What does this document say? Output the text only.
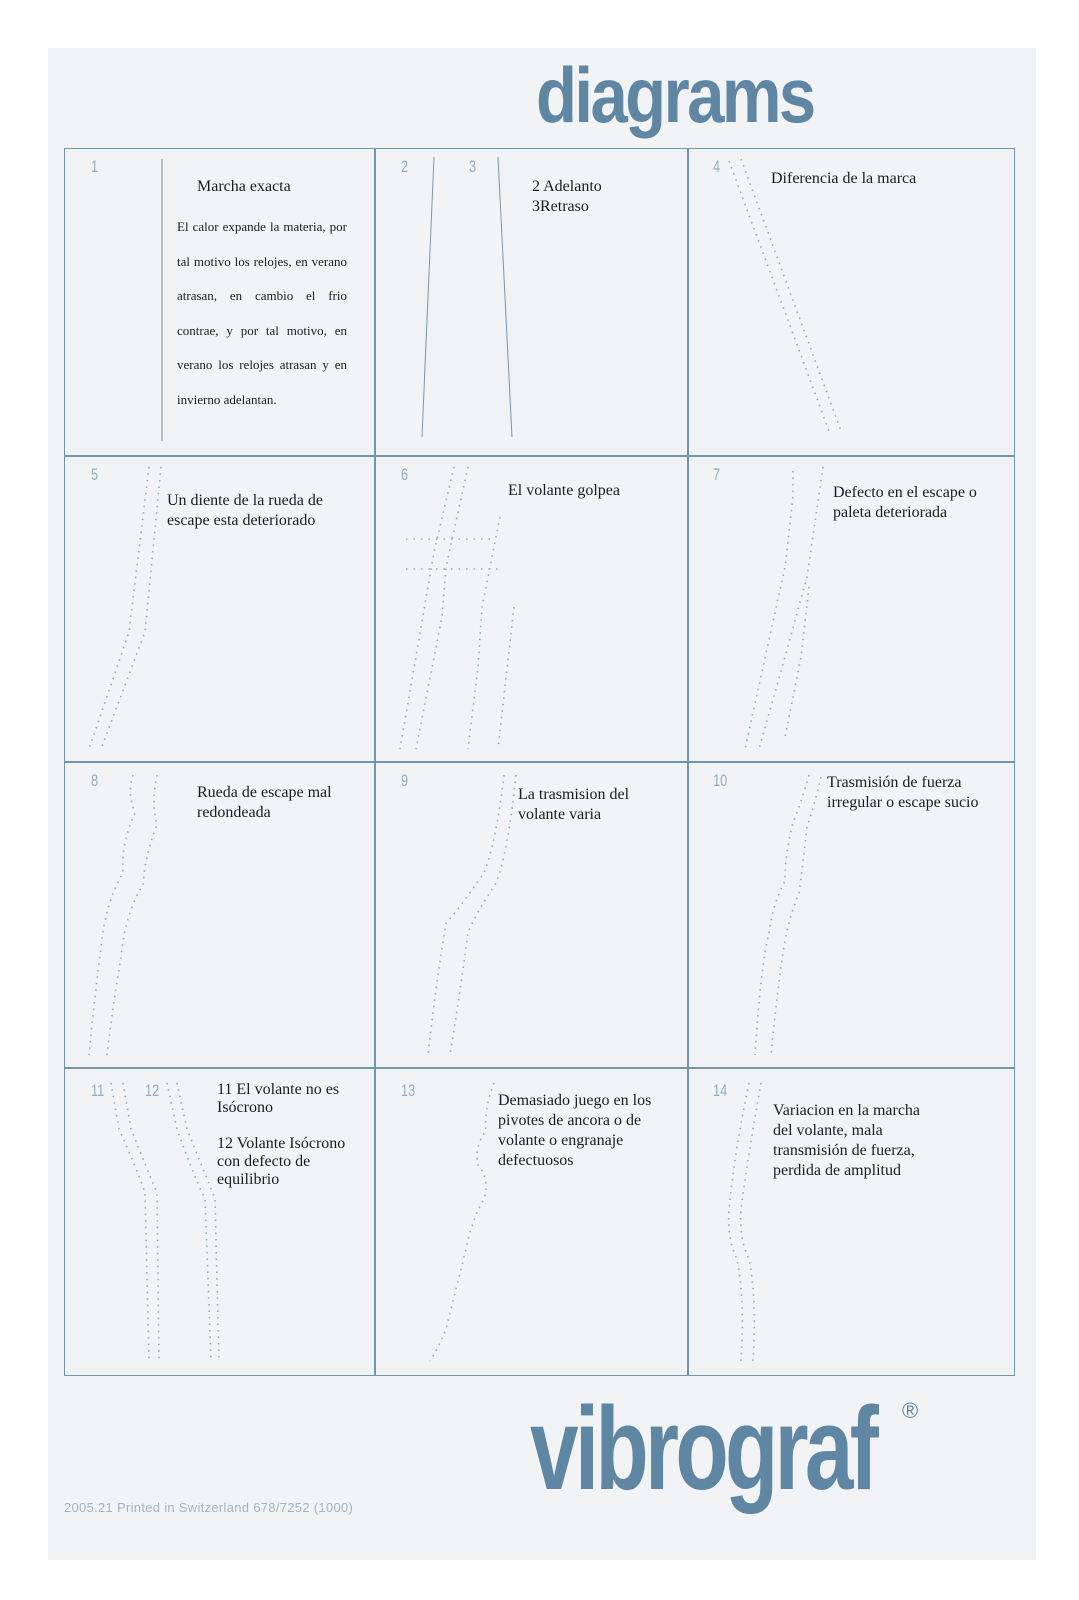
diagrams
1
Marcha exacta
El calor expande la materia, por tal motivo los relojes, en verano atrasan, en cambio el frio contrae, y por tal motivo, en verano los relojes atrasan y en invierno adelantan.
2	3
2 Adelanto
3Retraso
4
Diferencia de la marca
5
Un diente de la rueda de escape esta deteriorado
6
El volante golpea
7
Defecto en el escape o paleta deteriorada
8
Rueda de escape mal redondeada
9
La trasmision del volante varia
10	Trasmisión de fuerza irregular o escape sucio
11 12	11 El volante no es Isócrono
12 Volante Isócrono con defecto de equilibrio
13
Demasiado juego en los pivotes de ancora o de volante o engranaje defectuosos
14
Variacion en la marcha del volante, mala transmisión de fuerza, perdida de amplitud
vibrograf ®
2005.21 Printed in Switzerland 678/7252 (1000)
